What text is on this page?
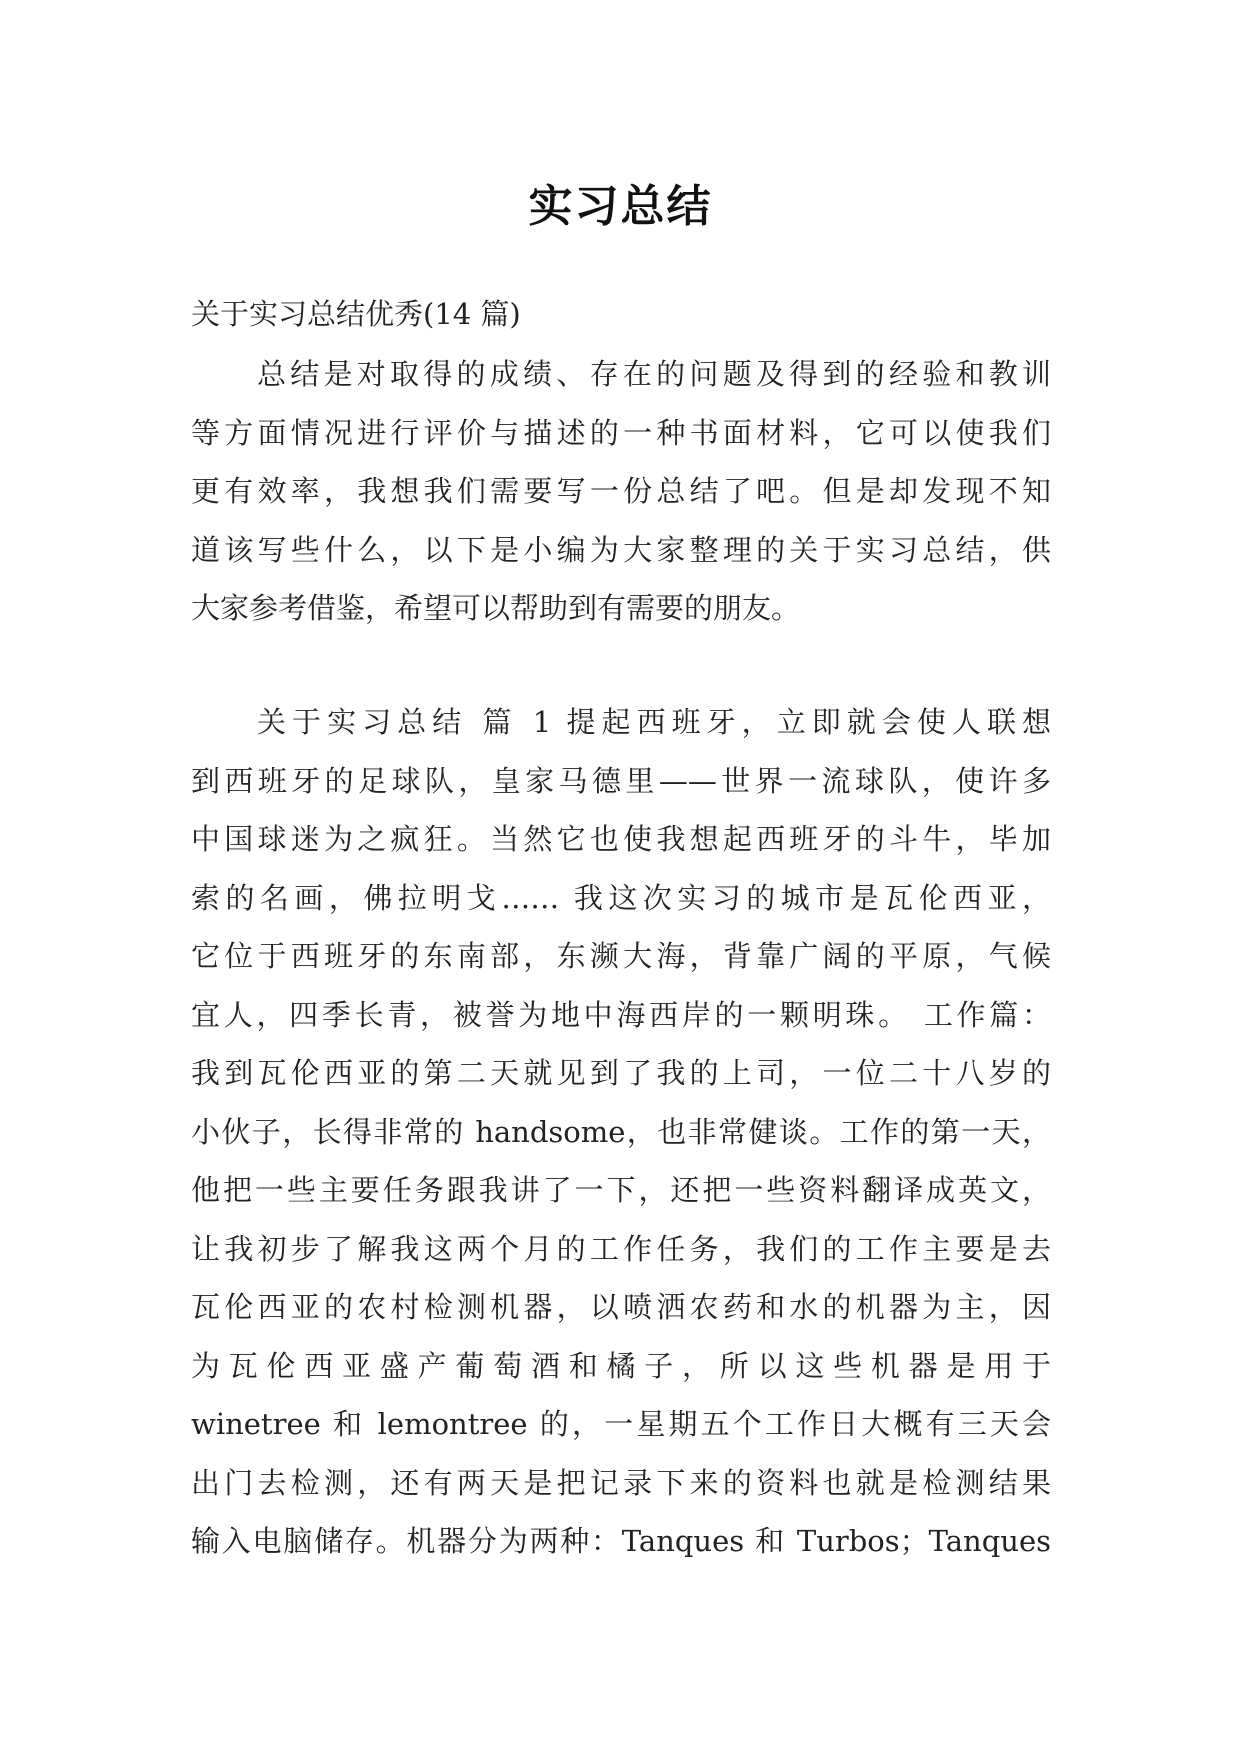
实习总结
关于实习总结优秀(14 篇)
总结是对取得的成绩、存在的问题及得到的经验和教训
等方面情况进行评价与描述的一种书面材料，它可以使我们
更有效率，我想我们需要写一份总结了吧。但是却发现不知
道该写些什么，以下是小编为大家整理的关于实习总结，供
大家参考借鉴，希望可以帮助到有需要的朋友。
关于实习总结 篇 1 提起西班牙，立即就会使人联想
到西班牙的足球队，皇家马德里——世界一流球队，使许多
中国球迷为之疯狂。当然它也使我想起西班牙的斗牛，毕加
索的名画，佛拉明戈…… 我这次实习的城市是瓦伦西亚，
它位于西班牙的东南部，东濒大海，背靠广阔的平原，气候
宜人，四季长青，被誉为地中海西岸的一颗明珠。 工作篇：
我到瓦伦西亚的第二天就见到了我的上司，一位二十八岁的
小伙子，长得非常的 handsome，也非常健谈。工作的第一天，
他把一些主要任务跟我讲了一下，还把一些资料翻译成英文，
让我初步了解我这两个月的工作任务，我们的工作主要是去
瓦伦西亚的农村检测机器，以喷洒农药和水的机器为主，因
为瓦伦西亚盛产葡萄酒和橘子，所以这些机器是用于
winetree 和 lemontree 的，一星期五个工作日大概有三天会
出门去检测，还有两天是把记录下来的资料也就是检测结果
输入电脑储存。机器分为两种：Tanques 和 Turbos；Tanques
